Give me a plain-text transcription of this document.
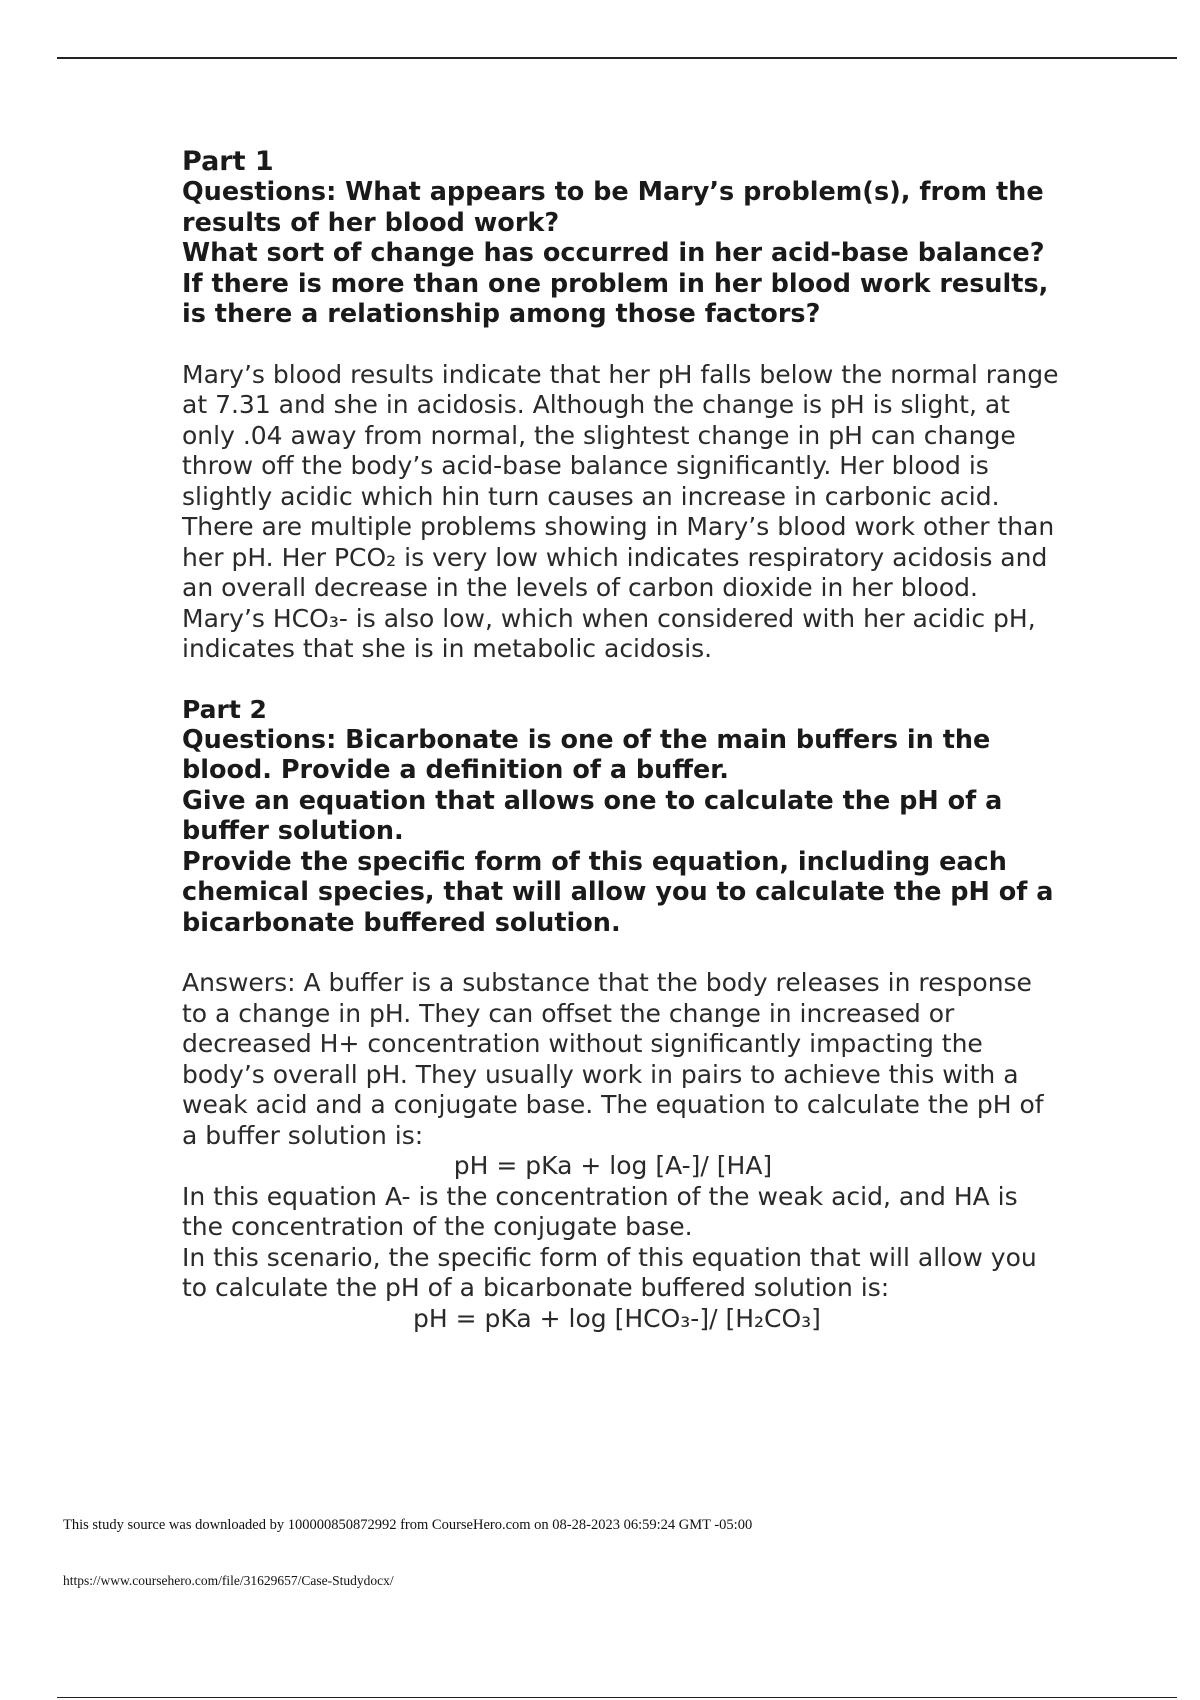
Part 1

Questions: What appears to be Mary’s problem(s), from the results of her blood work?

What sort of change has occurred in her acid-base balance?

If there is more than one problem in her blood work results, is there a relationship among those factors?

Mary’s blood results indicate that her pH falls below the normal range at 7.31 and she in acidosis. Although the change is pH is slight, at only .04 away from normal, the slightest change in pH can change throw off the body’s acid-base balance significantly. Her blood is slightly acidic which hin turn causes an increase in carbonic acid. There are multiple problems showing in Mary’s blood work other than her pH. Her PCO₂ is very low which indicates respiratory acidosis and an overall decrease in the levels of carbon dioxide in her blood. Mary’s HCO₃- is also low, which when considered with her acidic pH, indicates that she is in metabolic acidosis.

Part 2

Questions: Bicarbonate is one of the main buffers in the blood. Provide a definition of a buffer.

Give an equation that allows one to calculate the pH of a buffer solution.

Provide the specific form of this equation, including each chemical species, that will allow you to calculate the pH of a bicarbonate buffered solution.

Answers: A buffer is a substance that the body releases in response to a change in pH. They can offset the change in increased or decreased H+ concentration without significantly impacting the body’s overall pH. They usually work in pairs to achieve this with a weak acid and a conjugate base. The equation to calculate the pH of a buffer solution is:

pH = pKa + log [A-]/ [HA]

In this equation A- is the concentration of the weak acid, and HA is the concentration of the conjugate base.

In this scenario, the specific form of this equation that will allow you to calculate the pH of a bicarbonate buffered solution is:

pH = pKa + log [HCO₃-]/ [H₂CO₃]

This study source was downloaded by 100000850872992 from CourseHero.com on 08-28-2023 06:59:24 GMT -05:00
https://www.coursehero.com/file/31629657/Case-Studydocx/
